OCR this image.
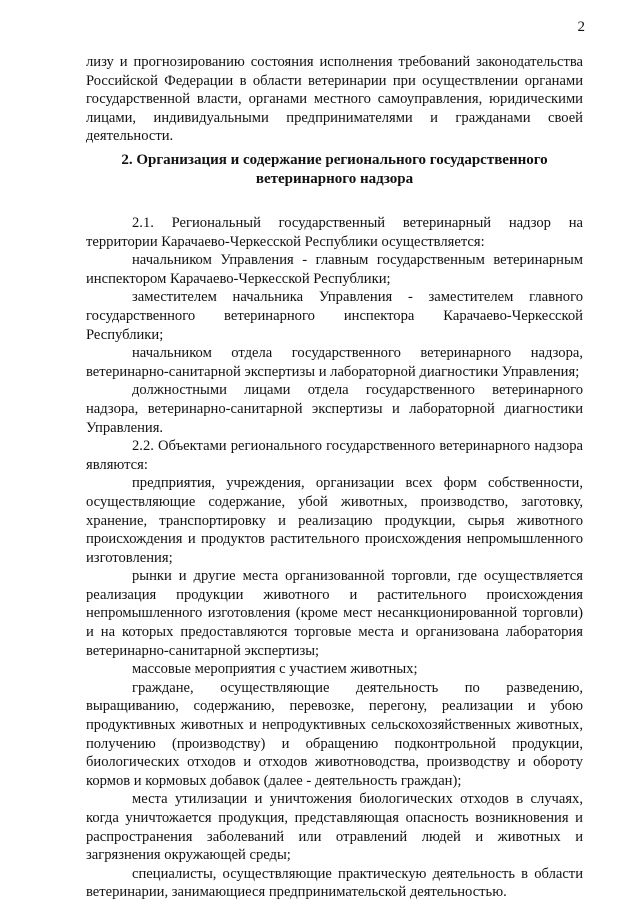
2
лизу и прогнозированию состояния исполнения требований законодательства Российской Федерации в области ветеринарии при осуществлении органами государственной власти, органами местного самоуправления, юридическими лицами, индивидуальными предпринимателями и гражданами своей деятельности.
2. Организация и содержание регионального государственного
ветеринарного надзора

2.1. Региональный государственный ветеринарный надзор на территории Карачаево-Черкесской Республики осуществляется:

начальником Управления - главным государственным ветеринарным инспектором Карачаево-Черкесской Республики;

заместителем начальника Управления - заместителем главного государственного ветеринарного инспектора Карачаево-Черкесской Республики;

начальником отдела государственного ветеринарного надзора, ветеринарно-санитарной экспертизы и лабораторной диагностики Управления;

должностными лицами отдела государственного ветеринарного надзора, ветеринарно-санитарной экспертизы и лабораторной диагностики Управления.

2.2. Объектами регионального государственного ветеринарного надзора являются:

предприятия, учреждения, организации всех форм собственности, осуществляющие содержание, убой животных, производство, заготовку, хранение, транспортировку и реализацию продукции, сырья животного происхождения и продуктов растительного происхождения непромышленного изготовления;

рынки и другие места организованной торговли, где осуществляется реализация продукции животного и растительного происхождения непромышленного изготовления (кроме мест несанкционированной торговли) и на которых предоставляются торговые места и организована лаборатория ветеринарно-санитарной экспертизы;

массовые мероприятия с участием животных;

граждане, осуществляющие деятельность по разведению, выращиванию, содержанию, перевозке, перегону, реализации и убою продуктивных животных и непродуктивных сельскохозяйственных животных, получению (производству) и обращению подконтрольной продукции, биологических отходов и отходов животноводства, производству и обороту кормов и кормовых добавок (далее - деятельность граждан);

места утилизации и уничтожения биологических отходов в случаях, когда уничтожается продукция, представляющая опасность возникновения и распространения заболеваний или отравлений людей и животных и загрязнения окружающей среды;

специалисты, осуществляющие практическую деятельность в области ветеринарии, занимающиеся предпринимательской деятельностью.
